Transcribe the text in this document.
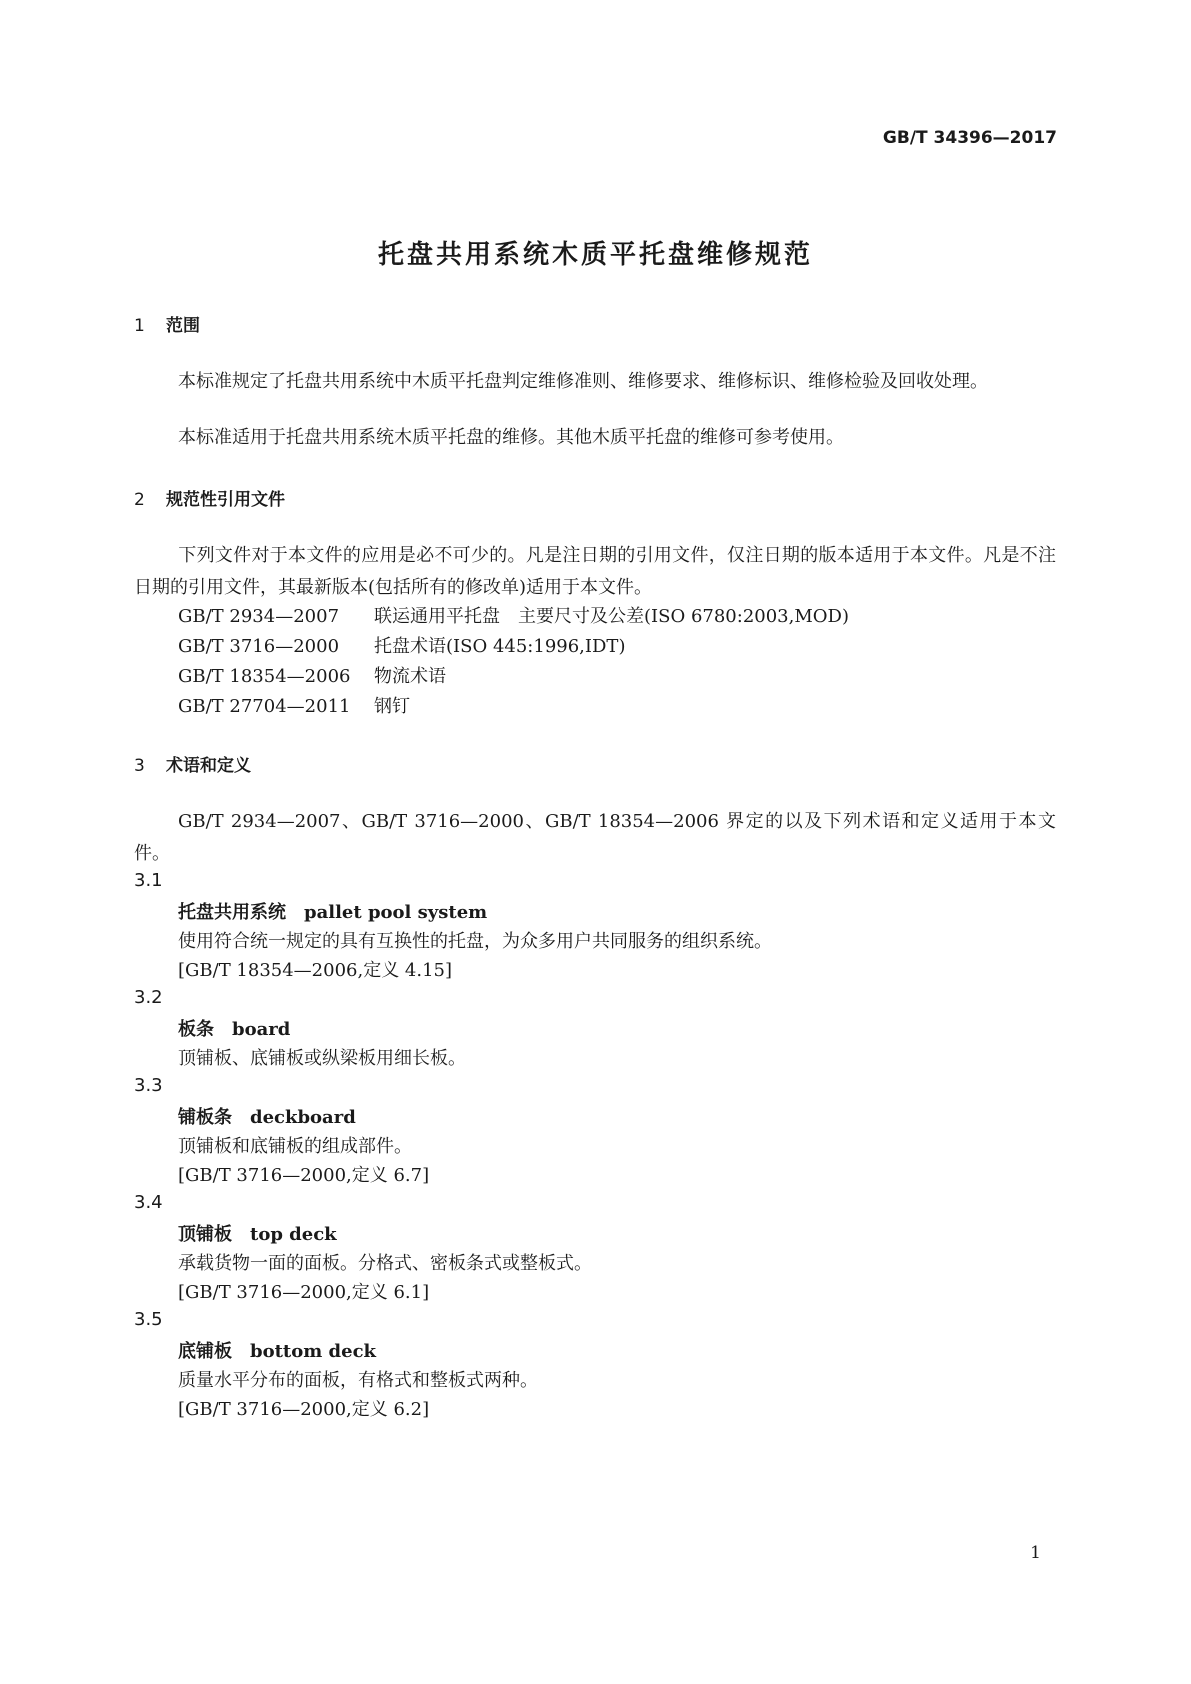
GB/T 34396—2017
托盘共用系统木质平托盘维修规范
1 范围
本标准规定了托盘共用系统中木质平托盘判定维修准则、维修要求、维修标识、维修检验及回收处理。
本标准适用于托盘共用系统木质平托盘的维修。其他木质平托盘的维修可参考使用。
2 规范性引用文件
下列文件对于本文件的应用是必不可少的。凡是注日期的引用文件，仅注日期的版本适用于本文件。凡是不注日期的引用文件，其最新版本(包括所有的修改单)适用于本文件。
GB/T 2934—2007 联运通用平托盘　主要尺寸及公差(ISO 6780:2003,MOD)
GB/T 3716—2000 托盘术语(ISO 445:1996,IDT)
GB/T 18354—2006 物流术语
GB/T 27704—2011 钢钉
3 术语和定义
GB/T 2934—2007、GB/T 3716—2000、GB/T 18354—2006 界定的以及下列术语和定义适用于本文件。
3.1
托盘共用系统 pallet pool system
使用符合统一规定的具有互换性的托盘，为众多用户共同服务的组织系统。
[GB/T 18354—2006,定义 4.15]
3.2
板条 board
顶铺板、底铺板或纵梁板用细长板。
3.3
铺板条 deckboard
顶铺板和底铺板的组成部件。
[GB/T 3716—2000,定义 6.7]
3.4
顶铺板 top deck
承载货物一面的面板。分格式、密板条式或整板式。
[GB/T 3716—2000,定义 6.1]
3.5
底铺板 bottom deck
质量水平分布的面板，有格式和整板式两种。
[GB/T 3716—2000,定义 6.2]
1
